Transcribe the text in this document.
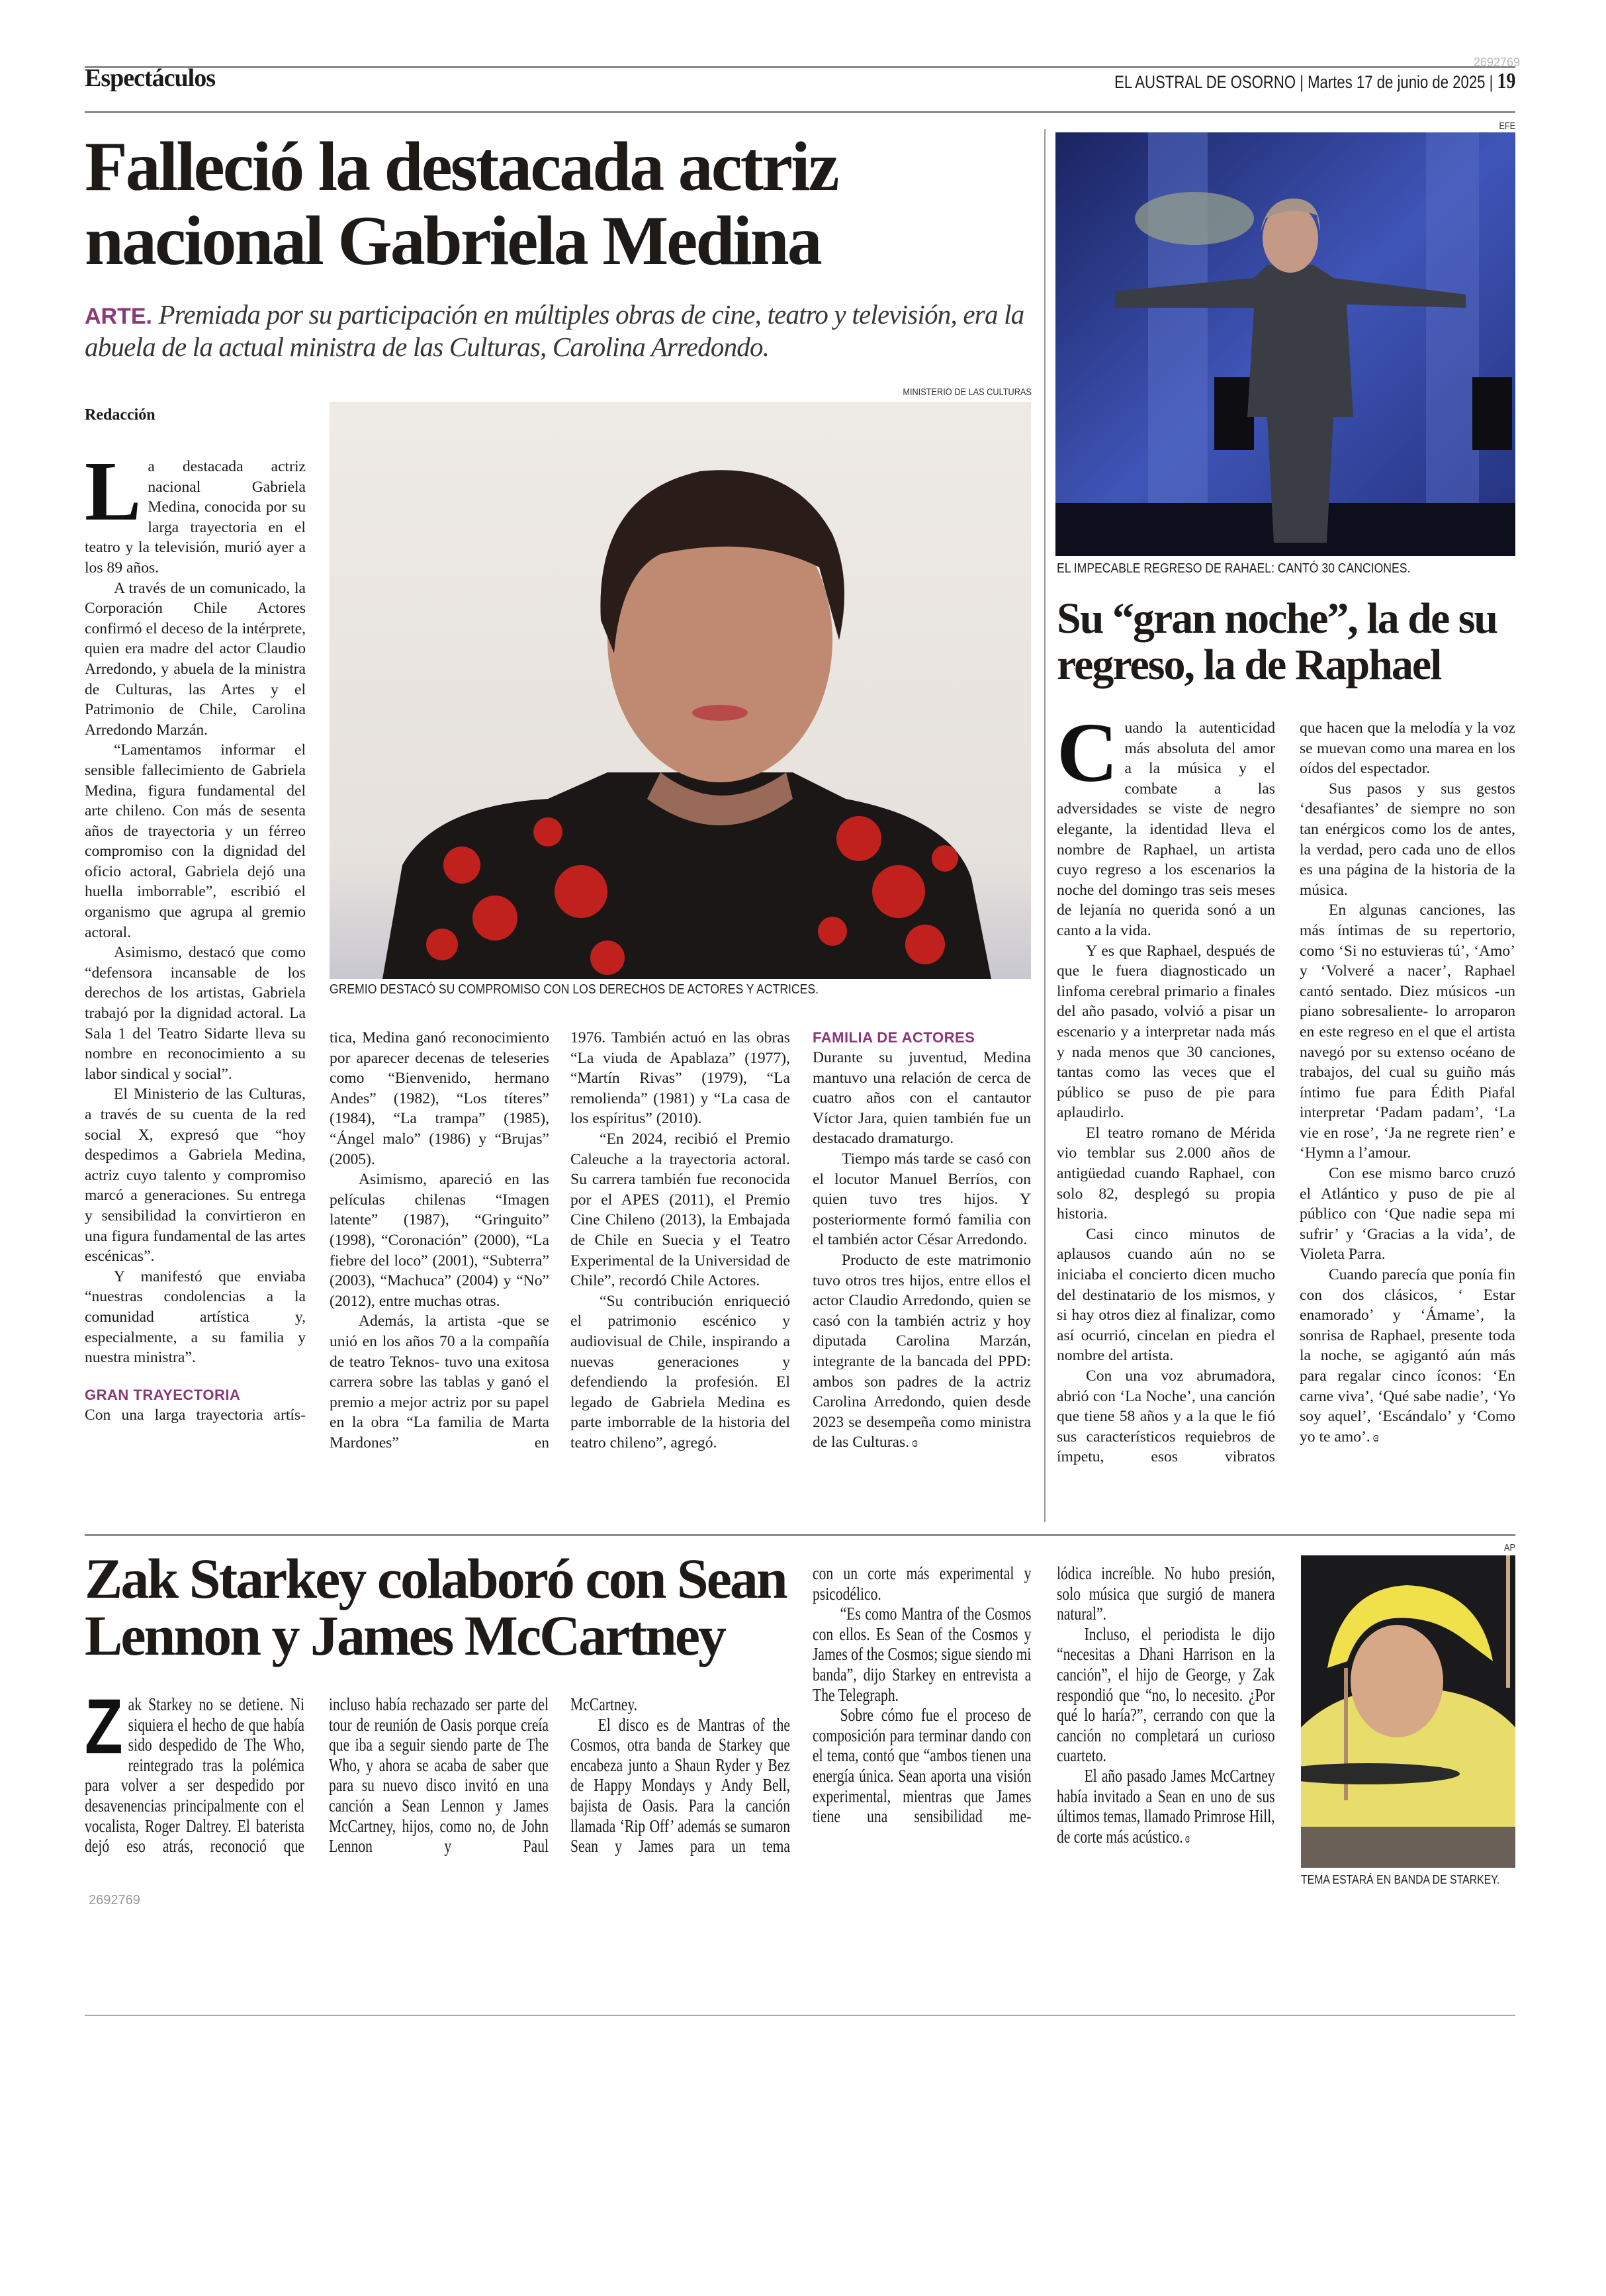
Espectáculos
2692769
EL AUSTRAL DE OSORNO | Martes 17 de junio de 2025 | 19
Falleció la destacada actriz
nacional Gabriela Medina
ARTE. Premiada por su participación en múltiples obras de cine, teatro y televisión, era la abuela de la actual ministra de las Culturas, Carolina Arredondo.
Redacción
MINISTERIO DE LAS CULTURAS
GREMIO DESTACÓ SU COMPROMISO CON LOS DERECHOS DE ACTORES Y ACTRICES.

La destacada actriz nacional Gabriela Medina, conocida por su larga trayectoria en el teatro y la televisión, murió ayer a los 89 años.

A través de un comunicado, la Corporación Chile Actores confirmó el deceso de la intérprete, quien era madre del actor Claudio Arredondo, y abuela de la ministra de Culturas, las Artes y el Patrimonio de Chile, Carolina Arredondo Marzán.

“Lamentamos informar el sensible fallecimiento de Gabriela Medina, figura fundamental del arte chileno. Con más de sesenta años de trayectoria y un férreo compromiso con la dignidad del oficio actoral, Gabriela dejó una huella imborrable”, escribió el organismo que agrupa al gremio actoral.

Asimismo, destacó que como “defensora incansable de los derechos de los artistas, Gabriela trabajó por la dignidad actoral. La Sala 1 del Teatro Sidarte lleva su nombre en reconocimiento a su labor sindical y social”.

El Ministerio de las Culturas, a través de su cuenta de la red social X, expresó que “hoy despedimos a Gabriela Medina, actriz cuyo talento y compromiso marcó a generaciones. Su entrega y sensibilidad la convirtieron en una figura fundamental de las artes escénicas”.

Y manifestó que enviaba “nuestras condolencias a la comunidad artística y, especialmente, a su familia y nuestra ministra”.

GRAN TRAYECTORIA

Con una larga trayectoria artís-

tica, Medina ganó reconocimiento por aparecer decenas de teleseries como “Bienvenido, hermano Andes” (1982), “Los títeres” (1984), “La trampa” (1985), “Ángel malo” (1986) y “Brujas” (2005).

Asimismo, apareció en las películas chilenas “Imagen latente” (1987), “Gringuito” (1998), “Coronación” (2000), “La fiebre del loco” (2001), “Subterra” (2003), “Machuca” (2004) y “No” (2012), entre muchas otras.

Además, la artista -que se unió en los años 70 a la compañía de teatro Teknos- tuvo una exitosa carrera sobre las tablas y ganó el premio a mejor actriz por su papel en la obra “La familia de Marta Mardones” en

1976. También actuó en las obras “La viuda de Apablaza” (1977), “Martín Rivas” (1979), “La remolienda” (1981) y “La casa de los espíritus” (2010).

“En 2024, recibió el Premio Caleuche a la trayectoria actoral. Su carrera también fue reconocida por el APES (2011), el Premio Cine Chileno (2013), la Embajada de Chile en Suecia y el Teatro Experimental de la Universidad de Chile”, recordó Chile Actores.

“Su contribución enriqueció el patrimonio escénico y audiovisual de Chile, inspirando a nuevas generaciones y defendiendo la profesión. El legado de Gabriela Medina es parte imborrable de la historia del teatro chileno”, agregó.

FAMILIA DE ACTORES

Durante su juventud, Medina mantuvo una relación de cerca de cuatro años con el cantautor Víctor Jara, quien también fue un destacado dramaturgo.

Tiempo más tarde se casó con el locutor Manuel Berríos, con quien tuvo tres hijos. Y posteriormente formó familia con el también actor César Arredondo.

Producto de este matrimonio tuvo otros tres hijos, entre ellos el actor Claudio Arredondo, quien se casó con la también actriz y hoy diputada Carolina Marzán, integrante de la bancada del PPD: ambos son padres de la actriz Carolina Arredondo, quien desde 2023 se desempeña como ministra de las Culturas. ɞ

EFE
EL IMPECABLE REGRESO DE RAHAEL: CANTÓ 30 CANCIONES.
Su “gran noche”, la de su
regreso, la de Raphael

Cuando la autenticidad más absoluta del amor a la música y el combate a las adversidades se viste de negro elegante, la identidad lleva el nombre de Raphael, un artista cuyo regreso a los escenarios la noche del domingo tras seis meses de lejanía no querida sonó a un canto a la vida.

Y es que Raphael, después de que le fuera diagnosticado un linfoma cerebral primario a finales del año pasado, volvió a pisar un escenario y a interpretar nada más y nada menos que 30 canciones, tantas como las veces que el público se puso de pie para aplaudirlo.

El teatro romano de Mérida vio temblar sus 2.000 años de antigüedad cuando Raphael, con solo 82, desplegó su propia historia.

Casi cinco minutos de aplausos cuando aún no se iniciaba el concierto dicen mucho del destinatario de los mismos, y si hay otros diez al finalizar, como así ocurrió, cincelan en piedra el nombre del artista.

Con una voz abrumadora, abrió con ‘La Noche’, una canción que tiene 58 años y a la que le fió sus característicos requiebros de ímpetu, esos vibratos

que hacen que la melodía y la voz se muevan como una marea en los oídos del espectador.

Sus pasos y sus gestos ‘desafiantes’ de siempre no son tan enérgicos como los de antes, la verdad, pero cada uno de ellos es una página de la historia de la música.

En algunas canciones, las más íntimas de su repertorio, como ‘Si no estuvieras tú’, ‘Amo’ y ‘Volveré a nacer’, Raphael cantó sentado. Diez músicos -un piano sobresaliente- lo arroparon en este regreso en el que el artista navegó por su extenso océano de trabajos, del cual su guiño más íntimo fue para Édith Piafal interpretar ‘Padam padam’, ‘La vie en rose’, ‘Ja ne regrete rien’ e ‘Hymn a l’amour.

Con ese mismo barco cruzó el Atlántico y puso de pie al público con ‘Que nadie sepa mi sufrir’ y ‘Gracias a la vida’, de Violeta Parra.

Cuando parecía que ponía fin con dos clásicos, ‘ Estar enamorado’ y ‘Ámame’, la sonrisa de Raphael, presente toda la noche, se agigantó aún más para regalar cinco íconos: ‘En carne viva’, ‘Qué sabe nadie’, ‘Yo soy aquel’, ‘Escándalo’ y ‘Como yo te amo’. ɞ

Zak Starkey colaboró con Sean
Lennon y James McCartney

Zak Starkey no se detiene. Ni siquiera el hecho de que había sido despedido de The Who, reintegrado tras la polémica para volver a ser despedido por desavenencias principalmente con el vocalista, Roger Daltrey. El baterista dejó eso atrás, reconoció que

2692769

incluso había rechazado ser parte del tour de reunión de Oasis porque creía que iba a seguir siendo parte de The Who, y ahora se acaba de saber que para su nuevo disco invitó en una canción a Sean Lennon y James McCartney, hijos, como no, de John Lennon y Paul

McCartney.

El disco es de Mantras of the Cosmos, otra banda de Starkey que encabeza junto a Shaun Ryder y Bez de Happy Mondays y Andy Bell, bajista de Oasis. Para la canción llamada ‘Rip Off’ además se sumaron Sean y James para un tema

con un corte más experimental y psicodélico.

“Es como Mantra of the Cosmos con ellos. Es Sean of the Cosmos y James of the Cosmos; sigue siendo mi banda”, dijo Starkey en entrevista a The Telegraph.

Sobre cómo fue el proceso de composición para terminar dando con el tema, contó que “ambos tienen una energía única. Sean aporta una visión experimental, mientras que James tiene una sensibilidad me-

lódica increíble. No hubo presión, solo música que surgió de manera natural”.

Incluso, el periodista le dijo “necesitas a Dhani Harrison en la canción”, el hijo de George, y Zak respondió que “no, lo necesito. ¿Por qué lo haría?”, cerrando con que la canción no completará un curioso cuarteto.

El año pasado James McCartney había invitado a Sean en uno de sus últimos temas, llamado Primrose Hill, de corte más acústico. ɞ

AP
TEMA ESTARÁ EN BANDA DE STARKEY.
